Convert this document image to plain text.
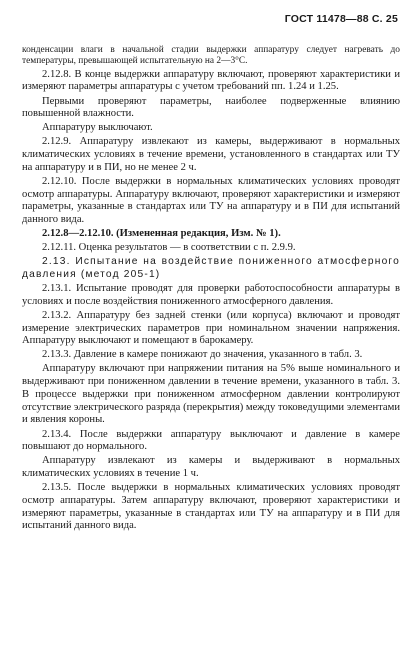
ГОСТ 11478—88 С. 25

конденсации влаги в начальной стадии выдержки аппаратуру следует нагревать до температуры, превышающей испытательную на 2—3°С.

2.12.8. В конце выдержки аппаратуру включают, проверяют характеристики и измеряют параметры аппаратуры с учетом требований пп. 1.24 и 1.25.

Первыми проверяют параметры, наиболее подверженные влиянию повышенной влажности.

Аппаратуру выключают.

2.12.9. Аппаратуру извлекают из камеры, выдерживают в нормальных климатических условиях в течение времени, установленного в стандартах или ТУ на аппаратуру и в ПИ, но не менее 2 ч.

2.12.10. После выдержки в нормальных климатических условиях проводят осмотр аппаратуры. Аппаратуру включают, проверяют характеристики и измеряют параметры, указанные в стандартах или ТУ на аппаратуру и в ПИ для испытаний данного вида.

2.12.8—2.12.10. (Измененная редакция, Изм. № 1).

2.12.11. Оценка результатов — в соответствии с п. 2.9.9.

2.13. Испытание на воздействие пониженного атмосферного давления (метод 205-1)

2.13.1. Испытание проводят для проверки работоспособности аппаратуры в условиях и после воздействия пониженного атмосферного давления.

2.13.2. Аппаратуру без задней стенки (или корпуса) включают и проводят измерение электрических параметров при номинальном значении напряжения. Аппаратуру выключают и помещают в барокамеру.

2.13.3. Давление в камере понижают до значения, указанного в табл. 3.

Аппаратуру включают при напряжении питания на 5% выше номинального и выдерживают при пониженном давлении в течение времени, указанного в табл. 3. В процессе выдержки при пониженном атмосферном давлении контролируют отсутствие электрического разряда (перекрытия) между токоведущими элементами и явления короны.

2.13.4. После выдержки аппаратуру выключают и давление в камере повышают до нормального.

Аппаратуру извлекают из камеры и выдерживают в нормальных климатических условиях в течение 1 ч.

2.13.5. После выдержки в нормальных климатических условиях проводят осмотр аппаратуры. Затем аппаратуру включают, проверяют характеристики и измеряют параметры, указанные в стандартах или ТУ на аппаратуру и в ПИ для испытаний данного вида.
